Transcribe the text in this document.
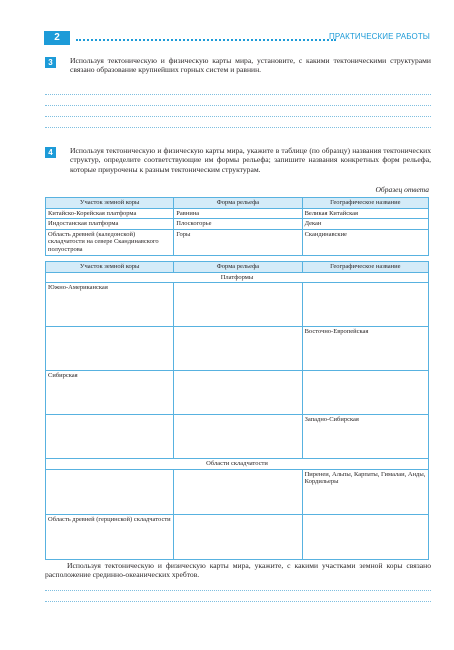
2	ПРАКТИЧЕСКИЕ РАБОТЫ
3	Используя тектоническую и физическую карты мира, установите, с какими тектоническими структурами связано образование крупнейших горных систем и равнин.
4	Используя тектоническую и физическую карты мира, укажите в таблице (по образцу) названия тектонических структур, определите соответствующие им формы рельефа; запишите названия конкретных форм рельефа, которые приурочены к разным тектоническим структурам.
Образец ответа
Участок земной коры	Форма рельефа	Географическое название
Китайско-Корейская платформа	Равнина	Великая Китайская
Индостанская платформа	Плоскогорье	Декан
Область древней (каледонской) складчатости на севере Скандинавского полуострова	Горы	Скандинавские
Участок земной коры	Форма рельефа	Географическое название
Платформы		
Южно-Американская		
		Восточно-Европейская
Сибирская		
		Западно-Сибирская
Области складчатости		
		Пиренеи, Альпы, Карпаты, Гималаи, Анды, Кордильеры
Область древней (герцинской) складчатости		
Используя тектоническую и физическую карты мира, укажите, с какими участками земной коры связано расположение срединно-океанических хребтов.
